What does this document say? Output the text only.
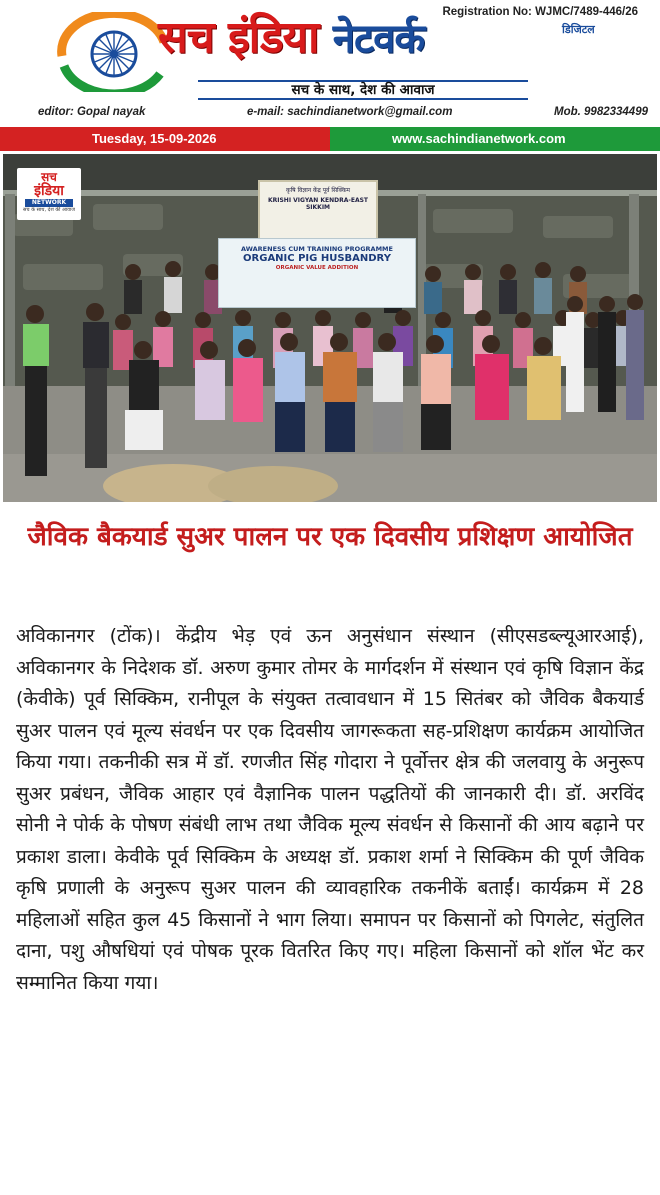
Registration No: WJMC/7489-446/26
सच इंडिया नेटवर्क	डिजिटल
सच के साथ, देश की आवाज
editor: Gopal nayak	e-mail: sachindianetwork@gmail.com	Mob. 9982334499
Tuesday, 15-09-2026	www.sachindianetwork.com
सच
इंडिया
NETWORK
सच के साथ, देश की आवाज
कृषि विज्ञान केंद्र पूर्व सिक्किम
KRISHI VIGYAN KENDRA-EAST SIKKIM
AWARENESS CUM TRAINING PROGRAMME
ORGANIC PIG HUSBANDRY
ORGANIC VALUE ADDITION
जैविक बैकयार्ड सुअर पालन पर एक दिवसीय प्रशिक्षण आयोजित

अविकानगर (टोंक)। केंद्रीय भेड़ एवं ऊन अनुसंधान संस्थान (सीएसडब्ल्यूआरआई), अविकानगर के निदेशक डॉ. अरुण कुमार तोमर के मार्गदर्शन में संस्थान एवं कृषि विज्ञान केंद्र (केवीके) पूर्व सिक्किम, रानीपूल के संयुक्त तत्वावधान में 15 सितंबर को जैविक बैकयार्ड सुअर पालन एवं मूल्य संवर्धन पर एक दिवसीय जागरूकता सह-प्रशिक्षण कार्यक्रम आयोजित किया गया। तकनीकी सत्र में डॉ. रणजीत सिंह गोदारा ने पूर्वोत्तर क्षेत्र की जलवायु के अनुरूप सुअर प्रबंधन, जैविक आहार एवं वैज्ञानिक पालन पद्धतियों की जानकारी दी। डॉ. अरविंद सोनी ने पोर्क के पोषण संबंधी लाभ तथा जैविक मूल्य संवर्धन से किसानों की आय बढ़ाने पर प्रकाश डाला। केवीके पूर्व सिक्किम के अध्यक्ष डॉ. प्रकाश शर्मा ने सिक्किम की पूर्ण जैविक कृषि प्रणाली के अनुरूप सुअर पालन की व्यावहारिक तकनीकें बताईं। कार्यक्रम में 28 महिलाओं सहित कुल 45 किसानों ने भाग लिया। समापन पर किसानों को पिगलेट, संतुलित दाना, पशु औषधियां एवं पोषक पूरक वितरित किए गए। महिला किसानों को शॉल भेंट कर सम्मानित किया गया।
